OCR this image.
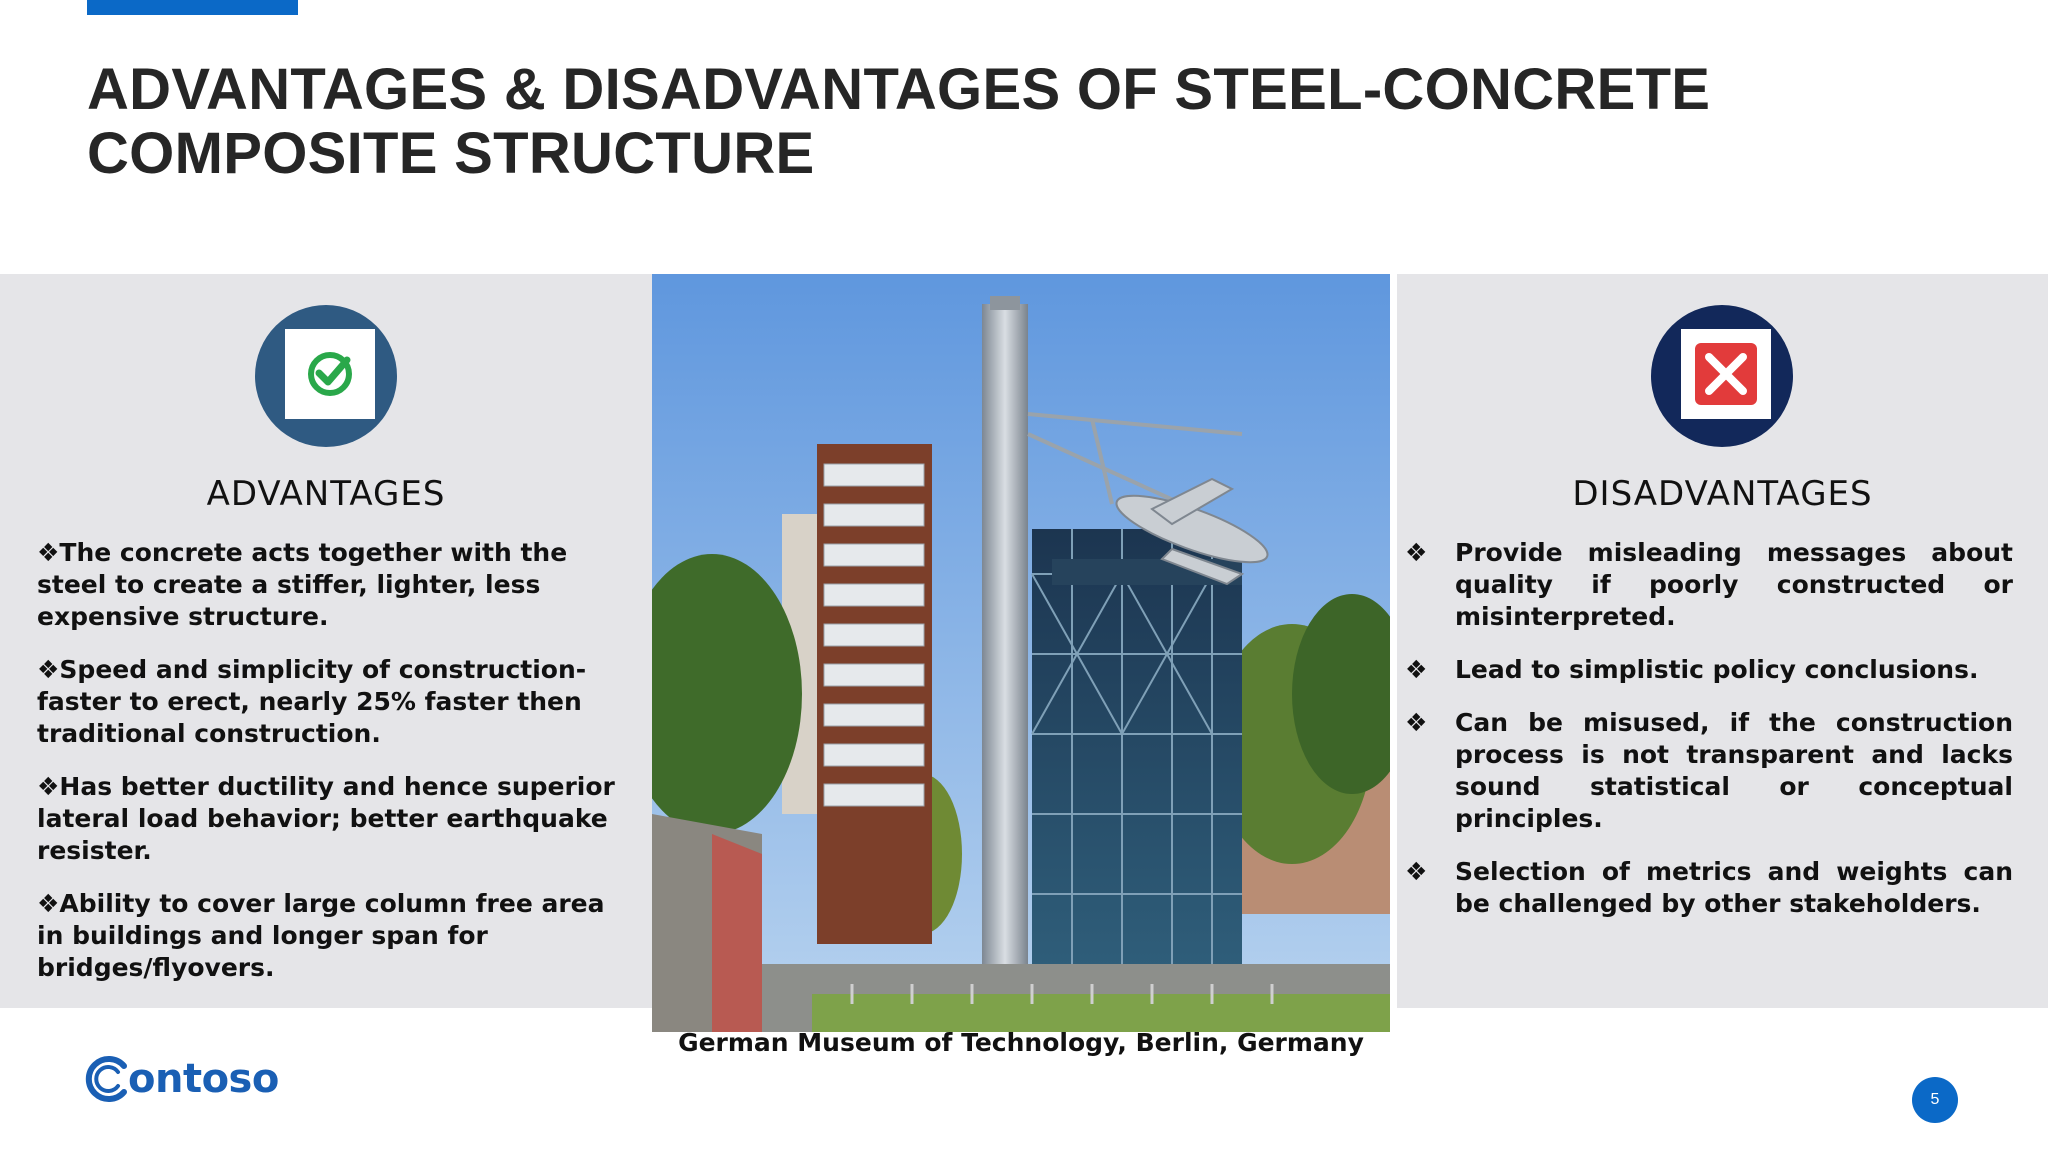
ADVANTAGES & DISADVANTAGES OF STEEL-CONCRETE COMPOSITE STRUCTURE
ADVANTAGES	DISADVANTAGES
❖The concrete acts together with the steel to create a stiffer, lighter, less expensive structure.
❖Speed and simplicity of construction- faster to erect, nearly 25% faster then traditional construction.
❖Has better ductility and hence superior lateral load behavior; better earthquake resister.
❖Ability to cover large column free area in buildings and longer span for bridges/flyovers.
❖ Provide misleading messages about quality if poorly constructed or misinterpreted.
❖ Lead to simplistic policy conclusions.
❖ Can be misused, if the construction process is not transparent and lacks sound statistical or conceptual principles.
❖ Selection of metrics and weights can be challenged by other stakeholders.
German Museum of Technology, Berlin, Germany
ontoso	5
